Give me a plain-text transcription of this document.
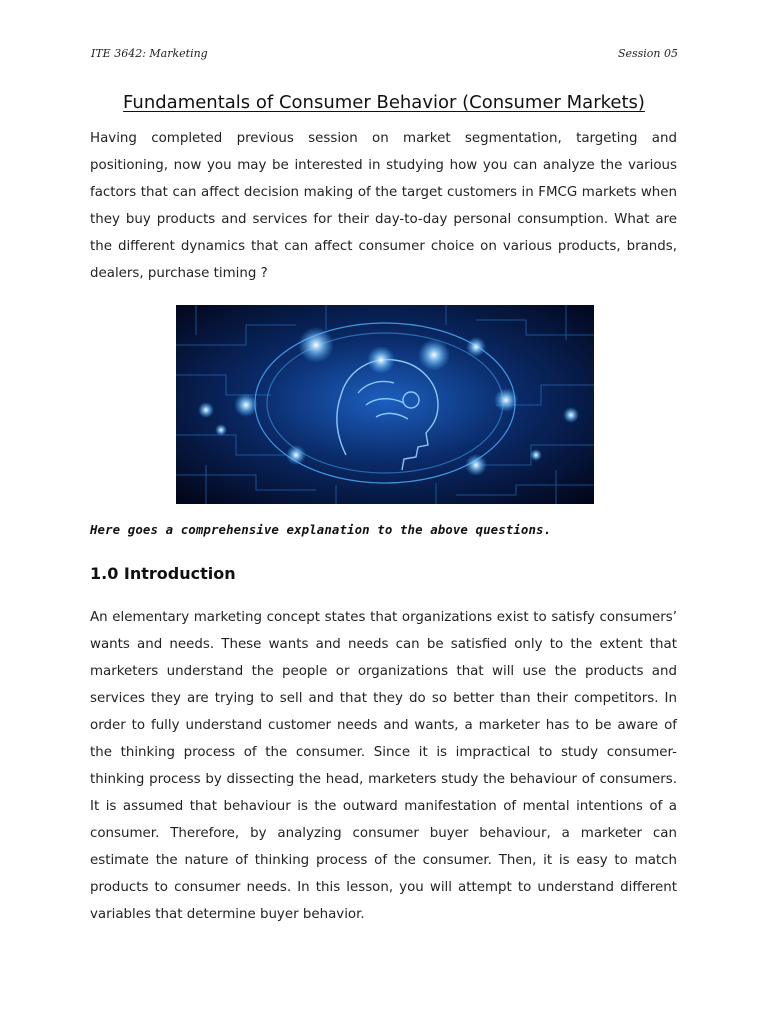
ITE 3642: Marketing	Session 05
Fundamentals of Consumer Behavior (Consumer Markets)
Having completed previous session on market segmentation, targeting and positioning, now you may be interested in studying how you can analyze the various factors that can affect decision making of the target customers in FMCG markets when they buy products and services for their day-to-day personal consumption. What are the different dynamics that can affect consumer choice on various products, brands, dealers, purchase timing ?
Here goes a comprehensive explanation to the above questions.
1.0 Introduction
An elementary marketing concept states that organizations exist to satisfy consumers’ wants and needs. These wants and needs can be satisfied only to the extent that marketers understand the people or organizations that will use the products and services they are trying to sell and that they do so better than their competitors. In order to fully understand customer needs and wants, a marketer has to be aware of the thinking process of the consumer. Since it is impractical to study consumer-thinking process by dissecting the head, marketers study the behaviour of consumers. It is assumed that behaviour is the outward manifestation of mental intentions of a consumer. Therefore, by analyzing consumer buyer behaviour, a marketer can estimate the nature of thinking process of the consumer. Then, it is easy to match products to consumer needs. In this lesson, you will attempt to understand different variables that determine buyer behavior.
